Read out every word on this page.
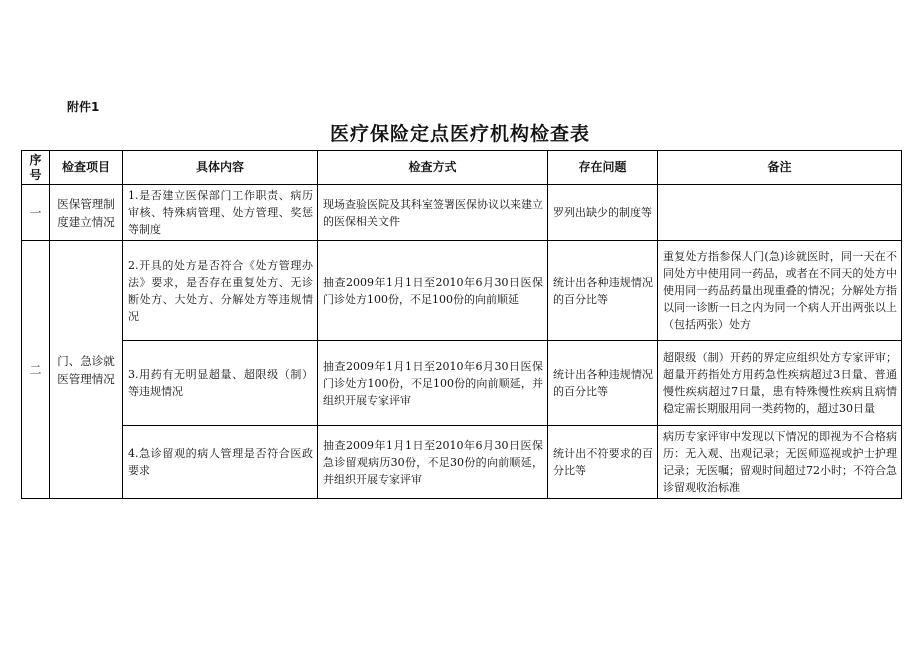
附件1
医疗保险定点医疗机构检查表
序号	检查项目	具体内容	检查方式	存在问题	备注
一	医保管理制度建立情况	1.是否建立医保部门工作职责、病历审核、特殊病管理、处方管理、奖惩等制度	现场查验医院及其科室签署医保协议以来建立的医保相关文件	罗列出缺少的制度等	

二	门、急诊就医管理情况	2.开具的处方是否符合《处方管理办法》要求，是否存在重复处方、无诊断处方、大处方、分解处方等违规情况	抽查2009年1月1日至2010年6月30日医保门诊处方100份，不足100份的向前顺延	统计出各种违规情况的百分比等	重复处方指参保人门(急)诊就医时，同一天在不同处方中使用同一药品，或者在不同天的处方中使用同一药品药量出现重叠的情况；分解处方指以同一诊断一日之内为同一个病人开出两张以上（包括两张）处方

		3.用药有无明显超量、超限级（制）等违规情况	抽查2009年1月1日至2010年6月30日医保门诊处方100份，不足100份的向前顺延，并组织开展专家评审	统计出各种违规情况的百分比等	超限级（制）开药的界定应组织处方专家评审；超量开药指处方用药急性疾病超过3日量、普通慢性疾病超过7日量，患有特殊慢性疾病且病情稳定需长期服用同一类药物的，超过30日量

		4.急诊留观的病人管理是否符合医政要求	抽查2009年1月1日至2010年6月30日医保急诊留观病历30份，不足30份的向前顺延，并组织开展专家评审	统计出不符要求的百分比等	病历专家评审中发现以下情况的即视为不合格病历：无入观、出观记录；无医师巡视或护士护理记录；无医嘱；留观时间超过72小时；不符合急诊留观收治标准
